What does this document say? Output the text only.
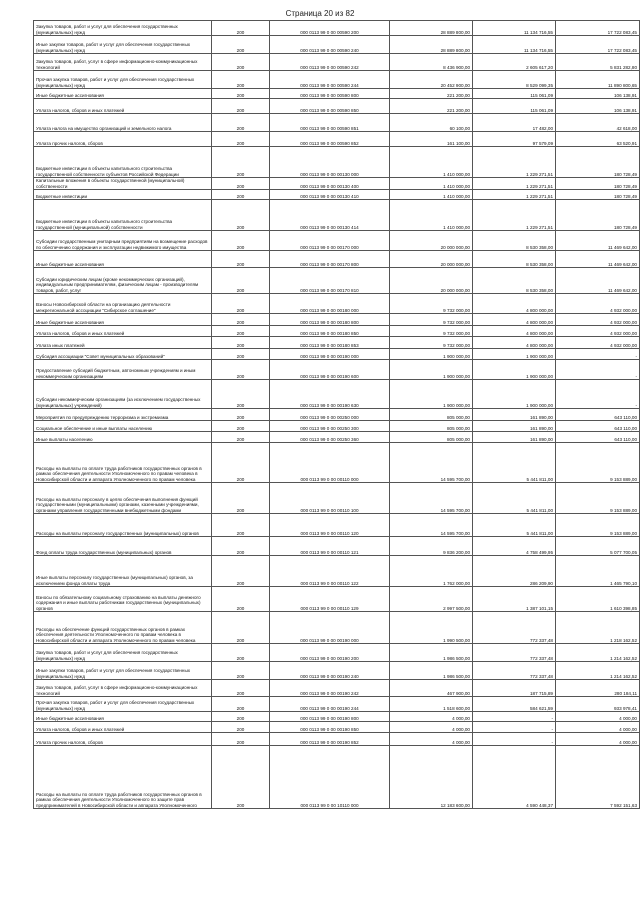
Страница 20 из 82
Закупка товаров, работ и услуг для обеспечения государственных (муниципальных) нужд	200	000 0113 99 0 00 00590 200	28 889 800,00	11 134 716,55	17 722 083,45
Иные закупки товаров, работ и услуг для обеспечения государственных (муниципальных) нужд	200	000 0113 99 0 00 00590 240	28 889 800,00	11 134 716,55	17 722 083,45
Закупка товаров, работ, услуг в сфере информационно-коммуникационных технологий	200	000 0113 99 0 00 00590 242	8 436 900,00	2 605 617,20	5 831 282,80
Прочая закупка товаров, работ и услуг для обеспечения государственных (муниципальных) нужд	200	000 0113 99 0 00 00590 244	20 452 900,00	8 529 099,35	11 890 800,65
Иные бюджетные ассигнования	200	000 0113 99 0 00 00590 800	221 200,00	115 061,09	106 138,91
Уплата налогов, сборов и иных платежей	200	000 0113 99 0 00 00590 850	221 200,00	115 061,09	106 138,91
Уплата налога на имущество организаций и земельного налога	200	000 0113 99 0 00 00590 851	60 100,00	17 482,00	42 618,00
Уплата прочих налогов, сборов	200	000 0113 99 0 00 00590 852	161 100,00	97 579,09	63 520,91
Бюджетные инвестиции в объекты капитального строительства государственной собственности субъектов Российской Федерации	200	000 0113 99 0 00 00130 000	1 410 000,00	1 229 271,51	180 728,49
Капитальные вложения в объекты государственной (муниципальной) собственности	200	000 0113 99 0 00 00130 400	1 410 000,00	1 229 271,51	180 728,49
Бюджетные инвестиции	200	000 0113 99 0 00 00130 410	1 410 000,00	1 229 271,51	180 728,49
Бюджетные инвестиции в объекты капитального строительства государственной (муниципальной) собственности	200	000 0113 99 0 00 00130 414	1 410 000,00	1 229 271,51	180 728,49
Субсидии государственным унитарным предприятиям на возмещение расходов по обеспечению содержания и эксплуатации недвижимого имущества	200	000 0113 99 0 00 00170 000	20 000 000,00	8 530 358,00	11 469 642,00
Иные бюджетные ассигнования	200	000 0113 99 0 00 00170 800	20 000 000,00	8 530 358,00	11 469 642,00
Субсидии юридическим лицам (кроме некоммерческих организаций), индивидуальным предпринимателям, физическим лицам - производителям товаров, работ, услуг	200	000 0113 99 0 00 00170 810	20 000 000,00	8 530 358,00	11 469 642,00
Взносы Новосибирской области на организацию деятельности межрегиональной ассоциации "Сибирское соглашение"	200	000 0113 99 0 00 00180 000	9 732 000,00	4 800 000,00	4 932 000,00
Иные бюджетные ассигнования	200	000 0113 99 0 00 00180 800	9 732 000,00	4 800 000,00	4 932 000,00
Уплата налогов, сборов и иных платежей	200	000 0113 99 0 00 00180 850	9 732 000,00	4 800 000,00	4 932 000,00
Уплата иных платежей	200	000 0113 99 0 00 00180 853	9 732 000,00	4 800 000,00	4 932 000,00
Субсидия ассоциации "Совет муниципальных образований"	200	000 0113 99 0 00 00190 000	1 900 000,00	1 900 000,00	-
Предоставление субсидий бюджетным, автономным учреждениям и иным некоммерческим организациям	200	000 0113 99 0 00 00190 600	1 900 000,00	1 900 000,00	-
Субсидии некоммерческим организациям (за исключением государственных (муниципальных) учреждений)	200	000 0113 99 0 00 00190 630	1 900 000,00	1 900 000,00	-
Мероприятия по предупреждению терроризма и экстремизма	200	000 0113 99 0 00 00250 000	805 000,00	161 890,00	643 110,00
Социальное обеспечение и иные выплаты населению	200	000 0113 99 0 00 00250 300	805 000,00	161 890,00	643 110,00
Иные выплаты населению	200	000 0113 99 0 00 00250 360	805 000,00	161 890,00	643 110,00
Расходы на выплаты по оплате труда работников государственных органов в рамках обеспечения деятельности Уполномоченного по правам человека в Новосибирской области и аппарата Уполномоченного по правам человека	200	000 0113 99 0 00 00110 000	14 595 700,00	5 441 811,00	9 153 889,00
Расходы на выплаты персоналу в целях обеспечения выполнения функций государственными (муниципальными) органами, казенными учреждениями, органами управления государственными внебюджетными фондами	200	000 0113 99 0 00 00110 100	14 595 700,00	5 441 811,00	9 153 889,00
Расходы на выплаты персоналу государственных (муниципальных) органов	200	000 0113 99 0 00 00110 120	14 595 700,00	5 441 811,00	9 153 889,00
Фонд оплаты труда государственных (муниципальных) органов	200	000 0113 99 0 00 00110 121	9 836 200,00	4 758 499,95	5 077 700,05
Иные выплаты персоналу государственных (муниципальных) органов, за исключением фонда оплаты труда	200	000 0113 99 0 00 00110 122	1 762 000,00	286 209,90	1 465 790,10
Взносы по обязательному социальному страхованию на выплаты денежного содержания и иные выплаты работникам государственных (муниципальных) органов	200	000 0113 99 0 00 00110 129	2 997 500,00	1 387 101,15	1 610 398,85
Расходы на обеспечение функций государственных органов в рамках обеспечения деятельности Уполномоченного по правам человека в Новосибирской области и аппарата Уполномоченного по правам человека	200	000 0113 99 0 00 00190 000	1 990 500,00	772 337,48	1 218 162,52
Закупка товаров, работ и услуг для обеспечения государственных (муниципальных) нужд	200	000 0113 99 0 00 00190 200	1 986 500,00	772 337,48	1 214 162,52
Иные закупки товаров, работ и услуг для обеспечения государственных (муниципальных) нужд	200	000 0113 99 0 00 00190 240	1 986 500,00	772 337,48	1 214 162,52
Закупка товаров, работ, услуг в сфере информационно-коммуникационных технологий	200	000 0113 99 0 00 00190 242	467 900,00	187 715,89	280 184,11
Прочая закупка товаров, работ и услуг для обеспечения государственных (муниципальных) нужд	200	000 0113 99 0 00 00190 244	1 518 600,00	584 621,59	933 978,41
Иные бюджетные ассигнования	200	000 0113 99 0 00 00190 800	4 000,00	-	4 000,00
Уплата налогов, сборов и иных платежей	200	000 0113 99 0 00 00190 850	4 000,00	-	4 000,00
Уплата прочих налогов, сборов	200	000 0113 99 0 00 00190 852	4 000,00	-	4 000,00
Расходы на выплаты по оплате труда работников государственных органов в рамках обеспечения деятельности Уполномоченного по защите прав предпринимателей в Новосибирской области и аппарата Уполномоченного	200	000 0113 99 0 00 10110 000	12 183 600,00	4 590 448,37	7 592 151,63
